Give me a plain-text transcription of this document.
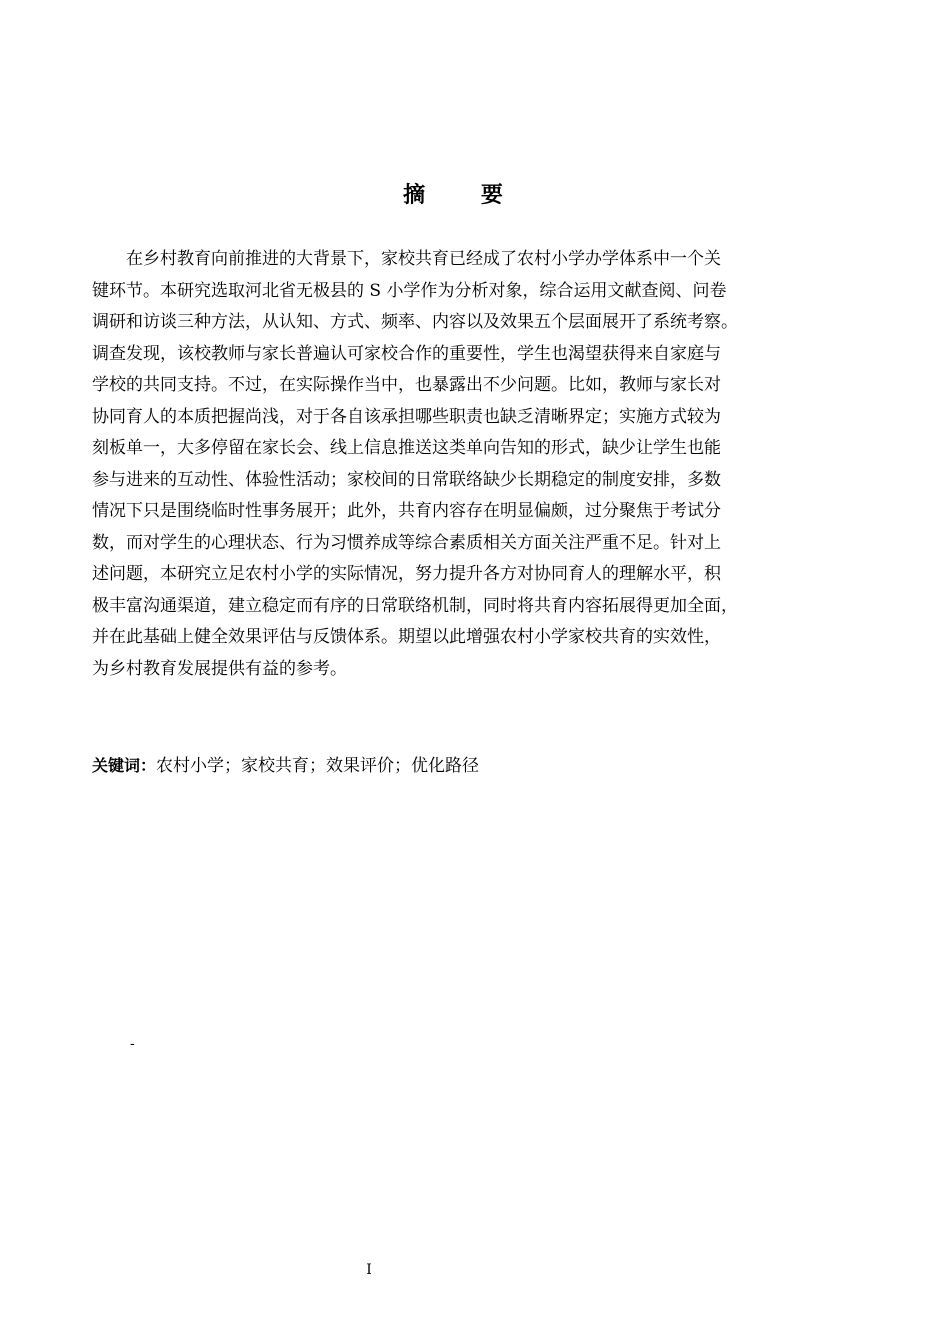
摘 要
在乡村教育向前推进的大背景下，家校共育已经成了农村小学办学体系中一个关
键环节。本研究选取河北省无极县的 S 小学作为分析对象，综合运用文献查阅、问卷
调研和访谈三种方法，从认知、方式、频率、内容以及效果五个层面展开了系统考察。
调查发现，该校教师与家长普遍认可家校合作的重要性，学生也渴望获得来自家庭与
学校的共同支持。不过，在实际操作当中，也暴露出不少问题。比如，教师与家长对
协同育人的本质把握尚浅，对于各自该承担哪些职责也缺乏清晰界定；实施方式较为
刻板单一，大多停留在家长会、线上信息推送这类单向告知的形式，缺少让学生也能
参与进来的互动性、体验性活动；家校间的日常联络缺少长期稳定的制度安排，多数
情况下只是围绕临时性事务展开；此外，共育内容存在明显偏颇，过分聚焦于考试分
数，而对学生的心理状态、行为习惯养成等综合素质相关方面关注严重不足。针对上
述问题，本研究立足农村小学的实际情况，努力提升各方对协同育人的理解水平，积
极丰富沟通渠道，建立稳定而有序的日常联络机制，同时将共育内容拓展得更加全面，
并在此基础上健全效果评估与反馈体系。期望以此增强农村小学家校共育的实效性，
为乡村教育发展提供有益的参考。
关键词：农村小学；家校共育；效果评价；优化路径
-
I
